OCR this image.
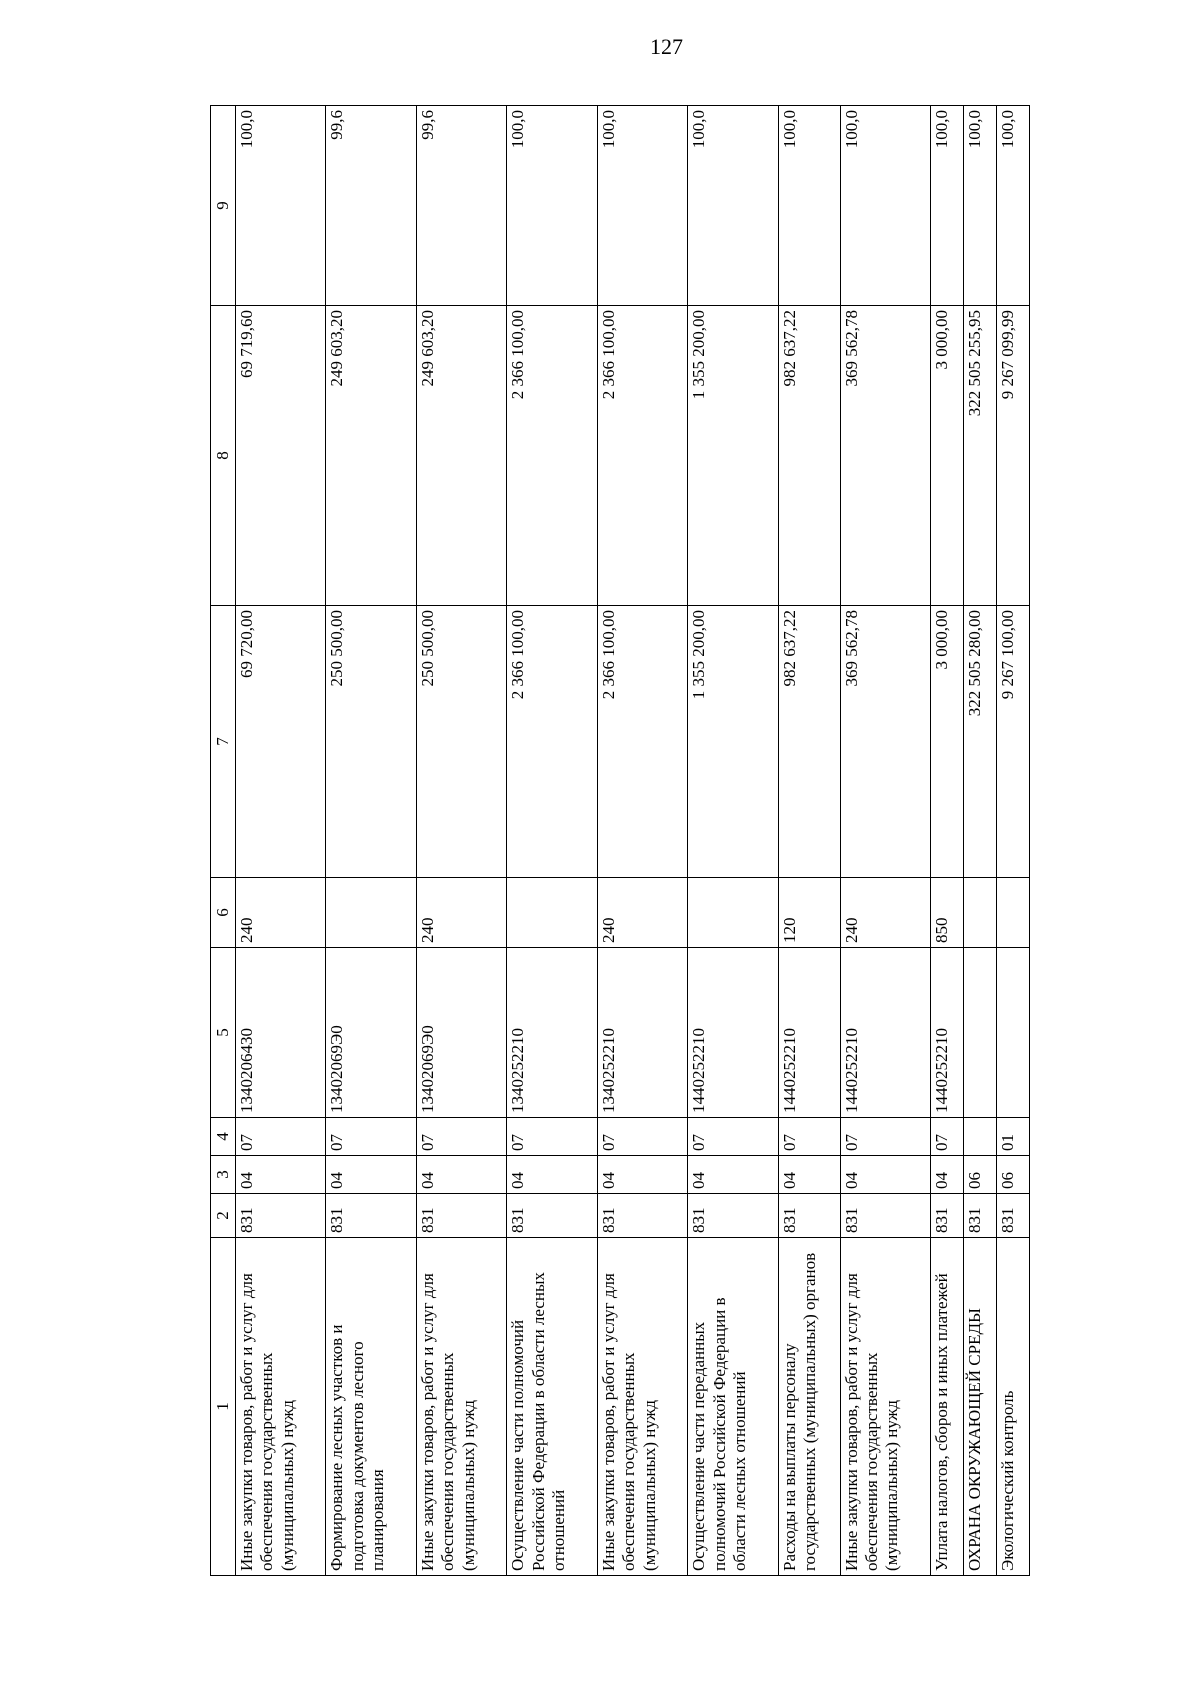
127
1	2	3	4	5	6	7	8	9
Иные закупки товаров, работ и услуг для обеспечения государственных (муниципальных) нужд	831	04	07	1340206430	240	69 720,00	69 719,60	100,0
Формирование лесных участков и подготовка документов лесного планирования	831	04	07	13402069Э0		250 500,00	249 603,20	99,6
Иные закупки товаров, работ и услуг для обеспечения государственных (муниципальных) нужд	831	04	07	13402069Э0	240	250 500,00	249 603,20	99,6
Осуществление части полномочий Российской Федерации в области лесных отношений	831	04	07	1340252210		2 366 100,00	2 366 100,00	100,0
Иные закупки товаров, работ и услуг для обеспечения государственных (муниципальных) нужд	831	04	07	1340252210	240	2 366 100,00	2 366 100,00	100,0
Осуществление части переданных полномочий Российской Федерации в области лесных отношений	831	04	07	1440252210		1 355 200,00	1 355 200,00	100,0
Расходы на выплаты персоналу государственных (муниципальных) органов	831	04	07	1440252210	120	982 637,22	982 637,22	100,0
Иные закупки товаров, работ и услуг для обеспечения государственных (муниципальных) нужд	831	04	07	1440252210	240	369 562,78	369 562,78	100,0
Уплата налогов, сборов и иных платежей	831	04	07	1440252210	850	3 000,00	3 000,00	100,0
ОХРАНА ОКРУЖАЮЩЕЙ СРЕДЫ	831	06				322 505 280,00	322 505 255,95	100,0
Экологический контроль	831	06	01			9 267 100,00	9 267 099,99	100,0
